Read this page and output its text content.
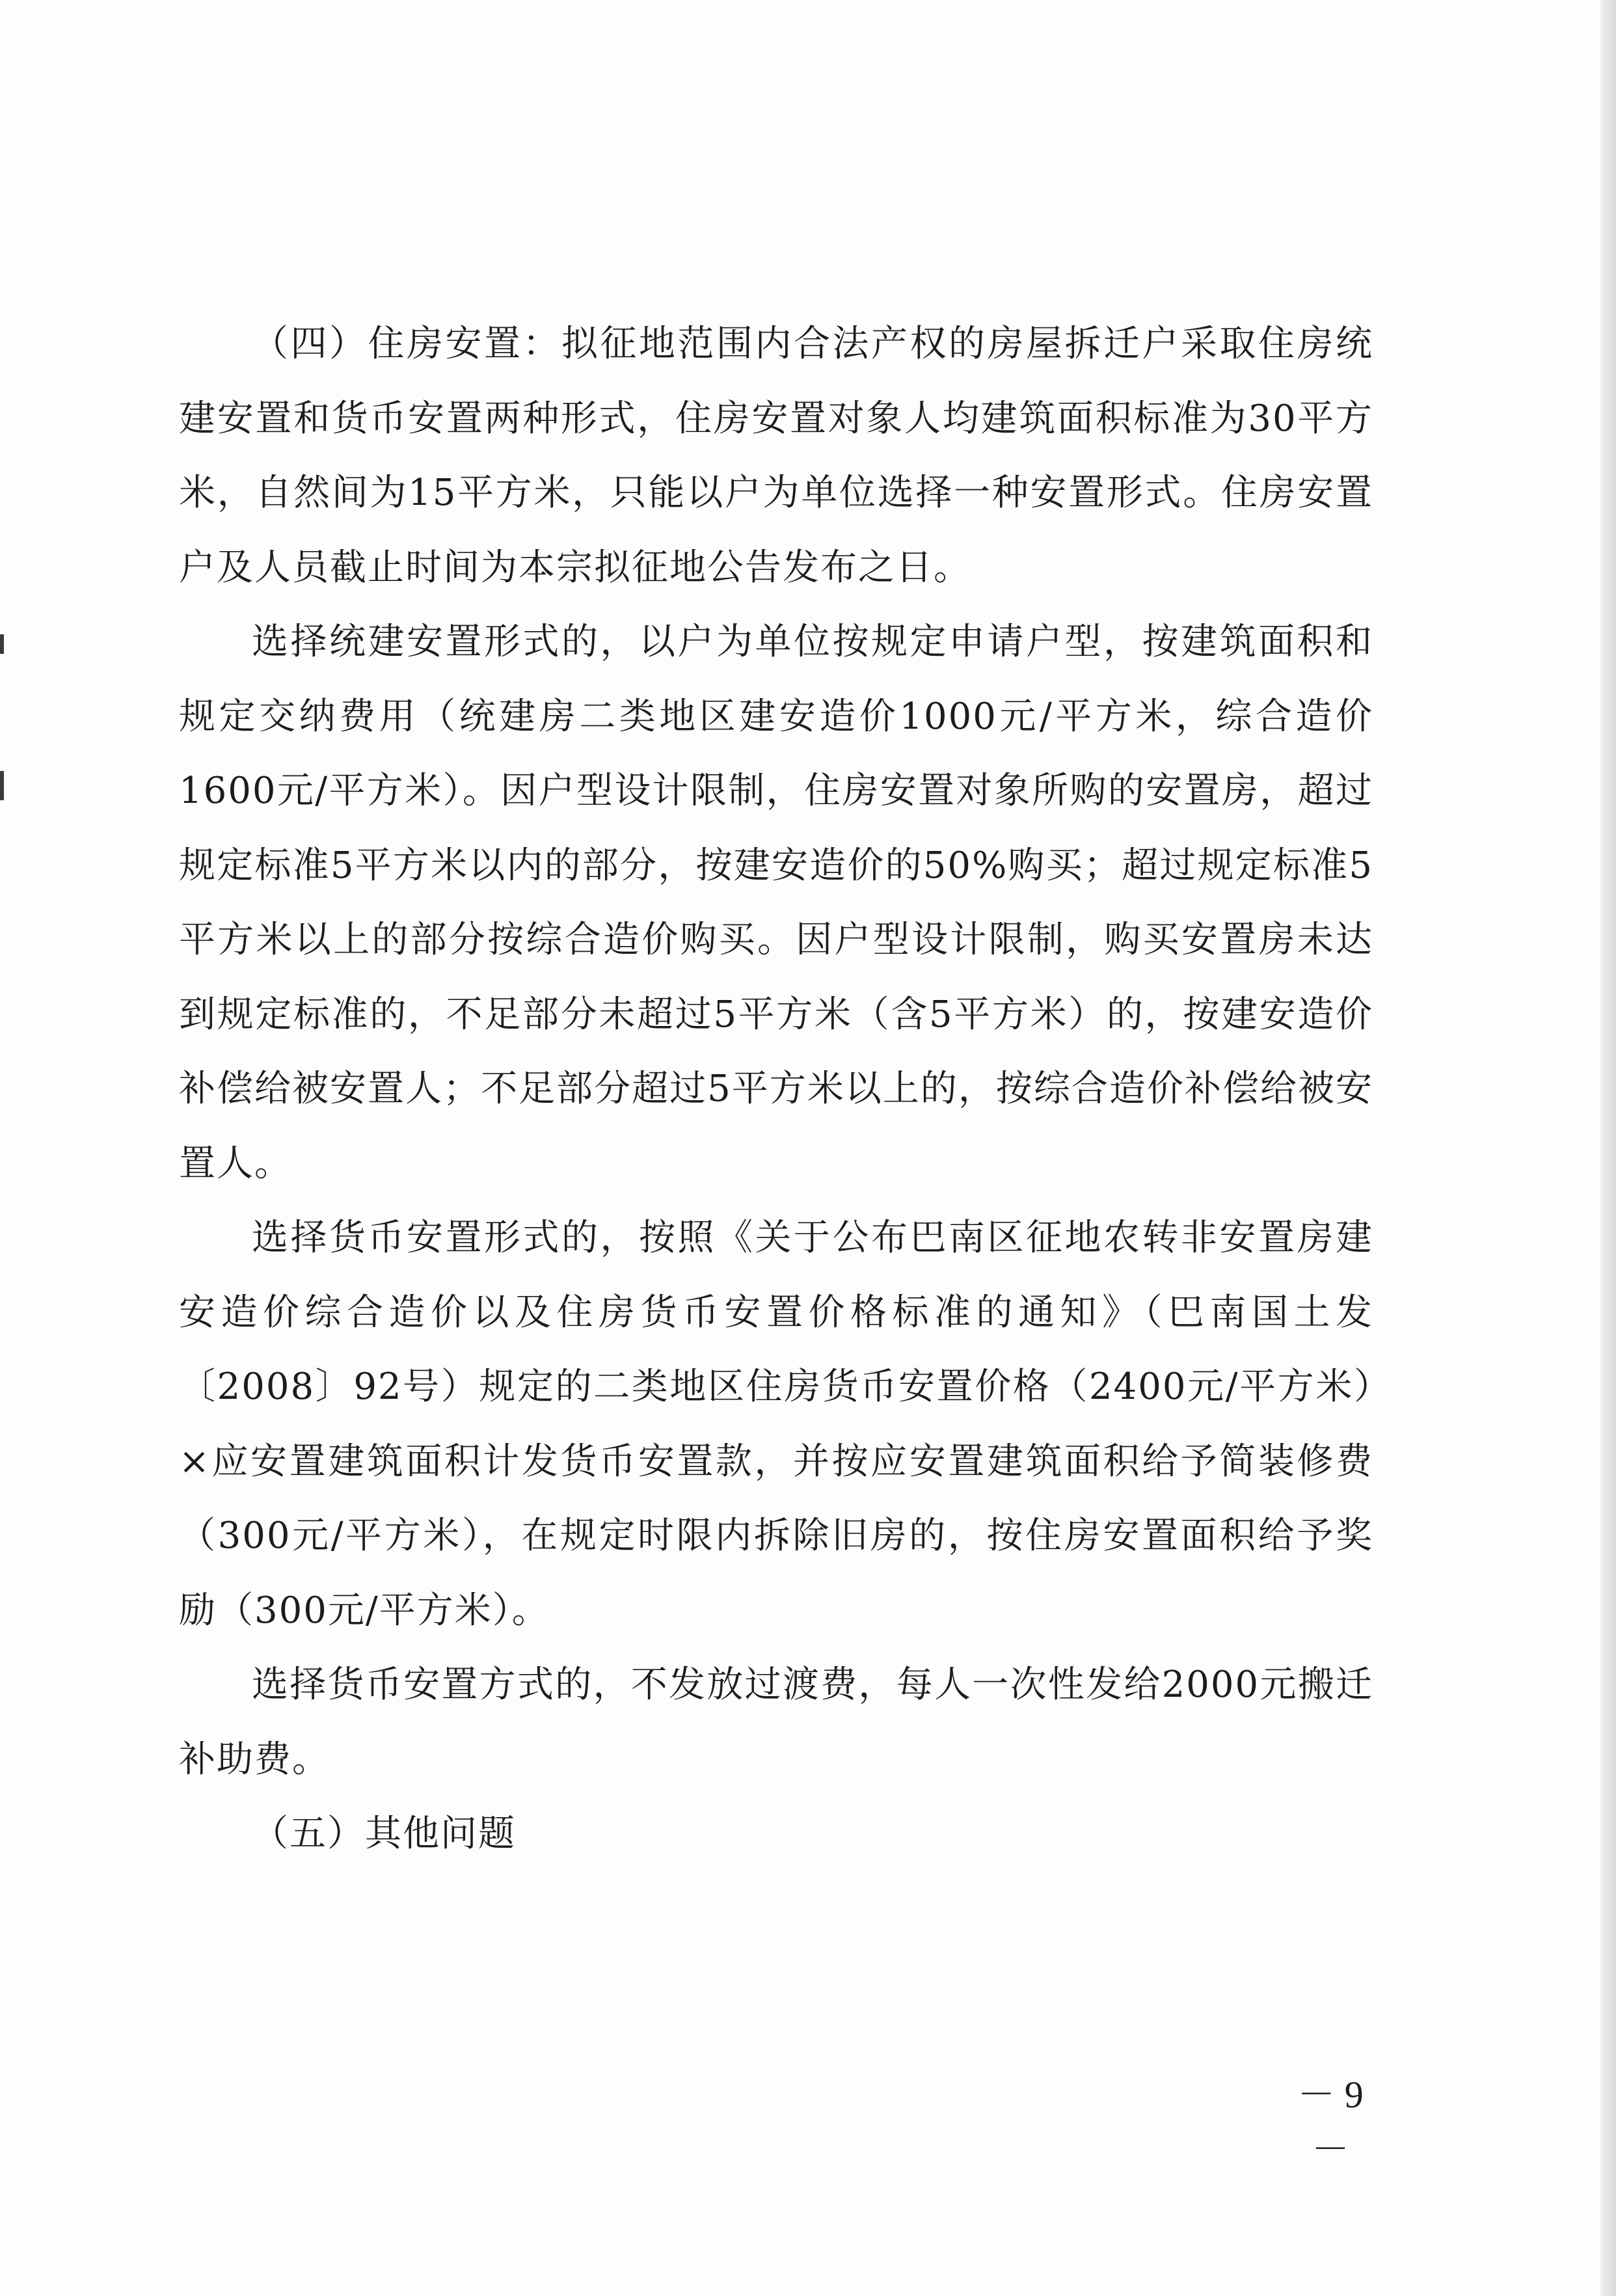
（四）住房安置：拟征地范围内合法产权的房屋拆迁户采取住房统建安置和货币安置两种形式，住房安置对象人均建筑面积标准为30平方米，自然间为15平方米，只能以户为单位选择一种安置形式。住房安置户及人员截止时间为本宗拟征地公告发布之日。

选择统建安置形式的，以户为单位按规定申请户型，按建筑面积和规定交纳费用（统建房二类地区建安造价1000元/平方米，综合造价1600元/平方米）。因户型设计限制，住房安置对象所购的安置房，超过规定标准5平方米以内的部分，按建安造价的50%购买；超过规定标准5平方米以上的部分按综合造价购买。因户型设计限制，购买安置房未达到规定标准的，不足部分未超过5平方米（含5平方米）的，按建安造价补偿给被安置人；不足部分超过5平方米以上的，按综合造价补偿给被安置人。

选择货币安置形式的，按照《关于公布巴南区征地农转非安置房建安造价综合造价以及住房货币安置价格标准的通知》（巴南国土发〔2008〕92号）规定的二类地区住房货币安置价格（2400元/平方米）×应安置建筑面积计发货币安置款，并按应安置建筑面积给予简装修费（300元/平方米），在规定时限内拆除旧房的，按住房安置面积给予奖励（300元/平方米）。

选择货币安置方式的，不发放过渡费，每人一次性发给2000元搬迁补助费。

（五）其他问题

－ 9 －
